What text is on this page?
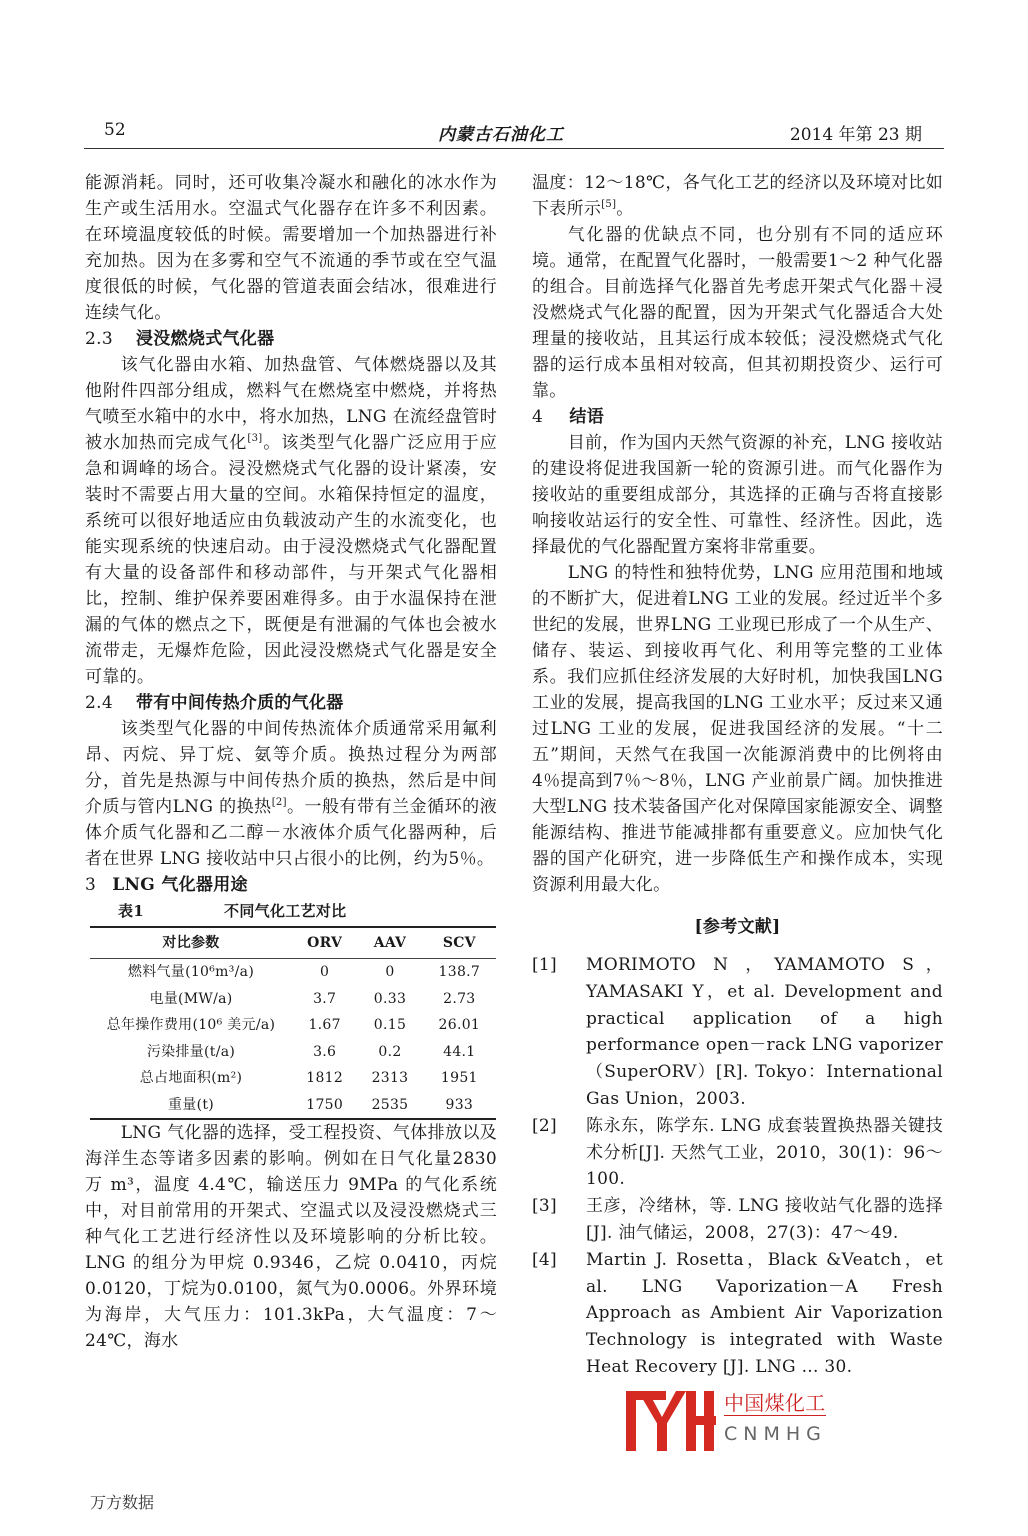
52	内蒙古石油化工	2014 年第 23 期

能源消耗。同时，还可收集冷凝水和融化的冰水作为生产或生活用水。空温式气化器存在许多不利因素。在环境温度较低的时候。需要增加一个加热器进行补充加热。因为在多雾和空气不流通的季节或在空气温度很低的时候，气化器的管道表面会结冰，很难进行连续气化。

2.3 浸没燃烧式气化器

该气化器由水箱、加热盘管、气体燃烧器以及其他附件四部分组成，燃料气在燃烧室中燃烧，并将热气喷至水箱中的水中，将水加热，LNG 在流经盘管时被水加热而完成气化[3]。该类型气化器广泛应用于应急和调峰的场合。浸没燃烧式气化器的设计紧凑，安装时不需要占用大量的空间。水箱保持恒定的温度，系统可以很好地适应由负载波动产生的水流变化，也能实现系统的快速启动。由于浸没燃烧式气化器配置有大量的设备部件和移动部件，与开架式气化器相比，控制、维护保养要困难得多。由于水温保持在泄漏的气体的燃点之下，既便是有泄漏的气体也会被水流带走，无爆炸危险，因此浸没燃烧式气化器是安全可靠的。

2.4 带有中间传热介质的气化器

该类型气化器的中间传热流体介质通常采用氟利昂、丙烷、异丁烷、氨等介质。换热过程分为两部分，首先是热源与中间传热介质的换热，然后是中间介质与管内LNG 的换热[2]。一般有带有兰金循环的液体介质气化器和乙二醇－水液体介质气化器两种，后者在世界 LNG 接收站中只占很小的比例，约为5％。

3 LNG 气化器用途
表1	不同气化工艺对比
对比参数	ORV	AAV	SCV
燃料气量(10⁶m³/a)	0	0	138.7
电量(MW/a)	3.7	0.33	2.73
总年操作费用(10⁶ 美元/a)	1.67	0.15	26.01
污染排量(t/a)	3.6	0.2	44.1
总占地面积(m²)	1812	2313	1951
重量(t)	1750	2535	933

LNG 气化器的选择，受工程投资、气体排放以及海洋生态等诸多因素的影响。例如在日气化量2830 万 m³，温度 4.4℃，输送压力 9MPa 的气化系统中，对目前常用的开架式、空温式以及浸没燃烧式三种气化工艺进行经济性以及环境影响的分析比较。LNG 的组分为甲烷 0.9346，乙烷 0.0410，丙烷 0.0120，丁烷为0.0100，氮气为0.0006。外界环境为海岸，大气压力：101.3kPa，大气温度：7～24℃，海水

温度：12～18℃，各气化工艺的经济以及环境对比如下表所示[5]。

气化器的优缺点不同，也分别有不同的适应环境。通常，在配置气化器时，一般需要1～2 种气化器的组合。目前选择气化器首先考虑开架式气化器＋浸没燃烧式气化器的配置，因为开架式气化器适合大处理量的接收站，且其运行成本较低；浸没燃烧式气化器的运行成本虽相对较高，但其初期投资少、运行可靠。

4 结语

目前，作为国内天然气资源的补充，LNG 接收站的建设将促进我国新一轮的资源引进。而气化器作为接收站的重要组成部分，其选择的正确与否将直接影响接收站运行的安全性、可靠性、经济性。因此，选择最优的气化器配置方案将非常重要。

LNG 的特性和独特优势，LNG 应用范围和地域的不断扩大，促进着LNG 工业的发展。经过近半个多世纪的发展，世界LNG 工业现已形成了一个从生产、储存、装运、到接收再气化、利用等完整的工业体系。我们应抓住经济发展的大好时机，加快我国LNG 工业的发展，提高我国的LNG 工业水平；反过来又通过LNG 工业的发展，促进我国经济的发展。“十二五”期间，天然气在我国一次能源消费中的比例将由4％提高到7％～8％，LNG 产业前景广阔。加快推进大型LNG 技术装备国产化对保障国家能源安全、调整能源结构、推进节能减排都有重要意义。应加快气化器的国产化研究，进一步降低生产和操作成本，实现资源利用最大化。

[参考文献]
[1]	MORIMOTO N ，YAMAMOTO S，YAMASAKI Y，et al. Development and practical application of a high performance open－rack LNG vaporizer （SuperORV）[R]. Tokyo：International Gas Union，2003.
[2]	陈永东，陈学东. LNG 成套装置换热器关键技术分析[J]. 天然气工业，2010，30(1)：96～100.
[3]	王彦，冷绪林，等. LNG 接收站气化器的选择[J]. 油气储运，2008，27(3)：47～49.
[4]	Martin J. Rosetta，Black &Veatch，et al. LNG Vaporization－A Fresh Approach as Ambient Air Vaporization Technology is integrated with Waste Heat Recovery [J]. LNG ... 30.
中国煤化工
CNMHG
万方数据
